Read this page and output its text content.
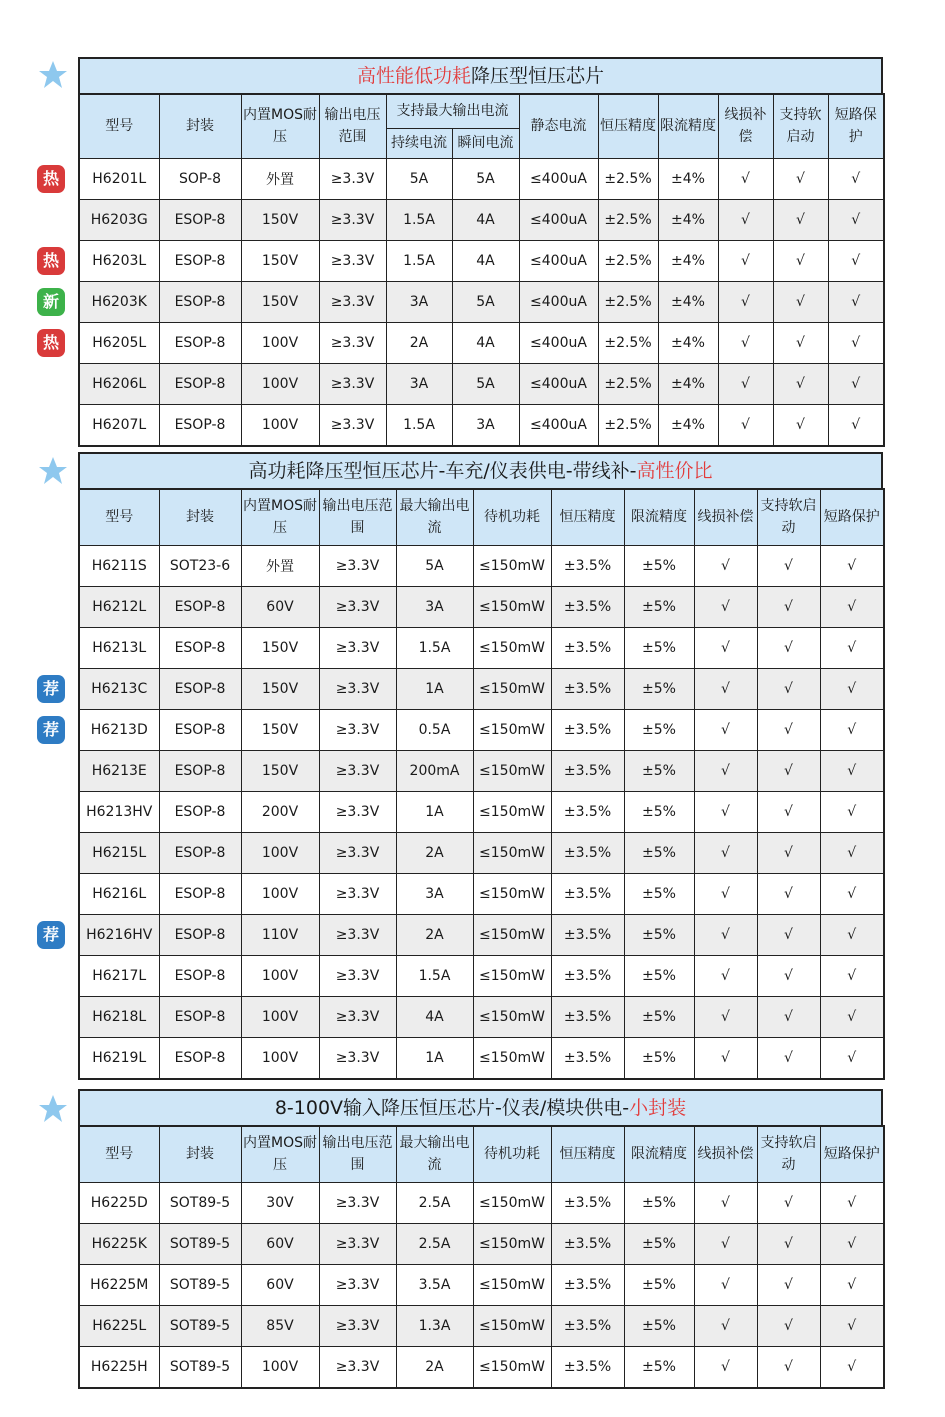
高性能低功耗降压型恒压芯片
型号	封装	内置MOS耐压	输出电压范围	支持最大输出电流		静态电流	恒压精度	限流精度	线损补偿	支持软启动	短路保护
				持续电流	瞬间电流						
H6201L	SOP-8	外置	≥3.3V	5A	5A	≤400uA	±2.5%	±4%	√	√	√
H6203G	ESOP-8	150V	≥3.3V	1.5A	4A	≤400uA	±2.5%	±4%	√	√	√
H6203L	ESOP-8	150V	≥3.3V	1.5A	4A	≤400uA	±2.5%	±4%	√	√	√
H6203K	ESOP-8	150V	≥3.3V	3A	5A	≤400uA	±2.5%	±4%	√	√	√
H6205L	ESOP-8	100V	≥3.3V	2A	4A	≤400uA	±2.5%	±4%	√	√	√
H6206L	ESOP-8	100V	≥3.3V	3A	5A	≤400uA	±2.5%	±4%	√	√	√
H6207L	ESOP-8	100V	≥3.3V	1.5A	3A	≤400uA	±2.5%	±4%	√	√	√
高功耗降压型恒压芯片-车充/仪表供电-带线补-高性价比
型号	封装	内置MOS耐压	输出电压范围	最大输出电流	待机功耗	恒压精度	限流精度	线损补偿	支持软启动	短路保护
H6211S	SOT23-6	外置	≥3.3V	5A	≤150mW	±3.5%	±5%	√	√	√
H6212L	ESOP-8	60V	≥3.3V	3A	≤150mW	±3.5%	±5%	√	√	√
H6213L	ESOP-8	150V	≥3.3V	1.5A	≤150mW	±3.5%	±5%	√	√	√
H6213C	ESOP-8	150V	≥3.3V	1A	≤150mW	±3.5%	±5%	√	√	√
H6213D	ESOP-8	150V	≥3.3V	0.5A	≤150mW	±3.5%	±5%	√	√	√
H6213E	ESOP-8	150V	≥3.3V	200mA	≤150mW	±3.5%	±5%	√	√	√
H6213HV	ESOP-8	200V	≥3.3V	1A	≤150mW	±3.5%	±5%	√	√	√
H6215L	ESOP-8	100V	≥3.3V	2A	≤150mW	±3.5%	±5%	√	√	√
H6216L	ESOP-8	100V	≥3.3V	3A	≤150mW	±3.5%	±5%	√	√	√
H6216HV	ESOP-8	110V	≥3.3V	2A	≤150mW	±3.5%	±5%	√	√	√
H6217L	ESOP-8	100V	≥3.3V	1.5A	≤150mW	±3.5%	±5%	√	√	√
H6218L	ESOP-8	100V	≥3.3V	4A	≤150mW	±3.5%	±5%	√	√	√
H6219L	ESOP-8	100V	≥3.3V	1A	≤150mW	±3.5%	±5%	√	√	√
8-100V输入降压恒压芯片-仪表/模块供电-小封装
型号	封装	内置MOS耐压	输出电压范围	最大输出电流	待机功耗	恒压精度	限流精度	线损补偿	支持软启动	短路保护
H6225D	SOT89-5	30V	≥3.3V	2.5A	≤150mW	±3.5%	±5%	√	√	√
H6225K	SOT89-5	60V	≥3.3V	2.5A	≤150mW	±3.5%	±5%	√	√	√
H6225M	SOT89-5	60V	≥3.3V	3.5A	≤150mW	±3.5%	±5%	√	√	√
H6225L	SOT89-5	85V	≥3.3V	1.3A	≤150mW	±3.5%	±5%	√	√	√
H6225H	SOT89-5	100V	≥3.3V	2A	≤150mW	±3.5%	±5%	√	√	√
热
热
新
热
荐
荐
荐
